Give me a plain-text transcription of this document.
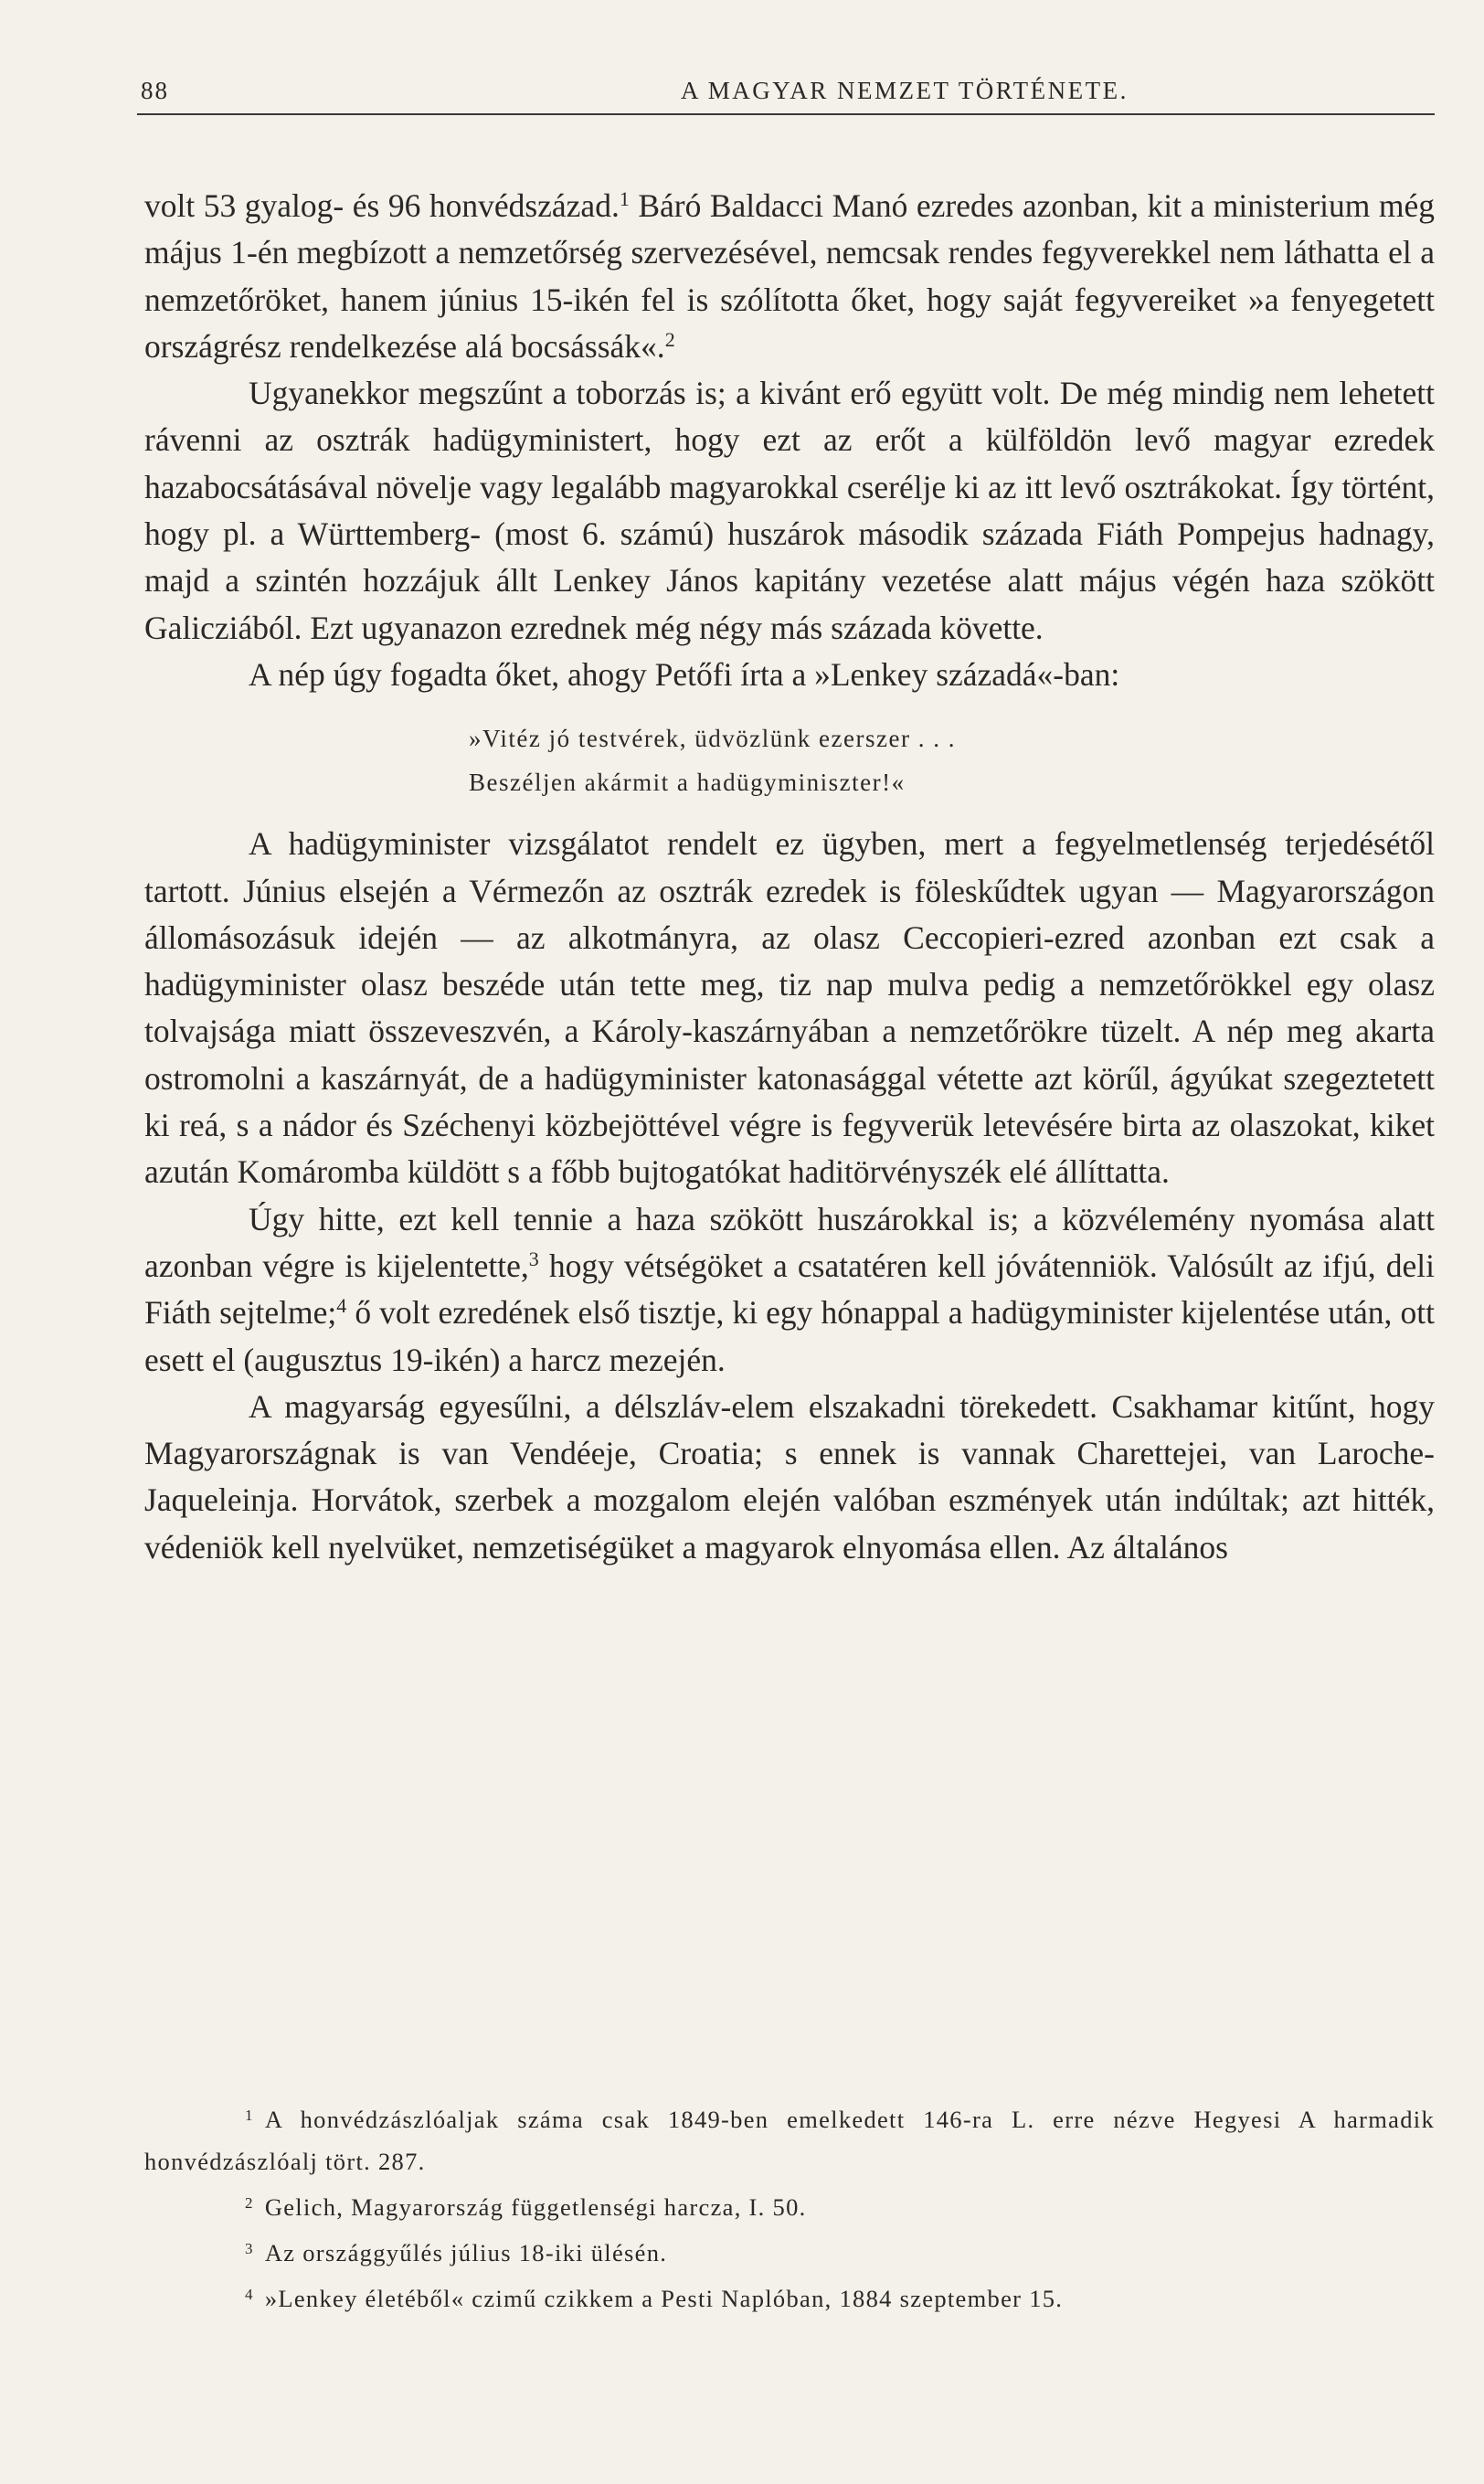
88	A MAGYAR NEMZET TÖRTÉNETE.

volt 53 gyalog- és 96 honvédszázad.$^1$ Báró Baldacci Manó ezredes azonban, kit a ministerium még május 1-én megbízott a nemzetőrség szervezésével, nemcsak rendes fegyverekkel nem láthatta el a nemzetőröket, hanem június 15-ikén fel is szólította őket, hogy saját fegyvereiket »a fenyegetett országrész rendelkezése alá bocsássák«.$^2$

Ugyanekkor megszűnt a toborzás is; a kivánt erő együtt volt. De még mindig nem lehetett rávenni az osztrák hadügyministert, hogy ezt az erőt a külföldön levő magyar ezredek hazabocsátásával növelje vagy legalább magyarokkal cserélje ki az itt levő osztrákokat. Így történt, hogy pl. a Württemberg- (most 6. számú) huszárok második százada Fiáth Pompejus hadnagy, majd a szintén hozzájuk állt Lenkey János kapitány vezetése alatt május végén haza szökött Galicziából. Ezt ugyanazon ezrednek még négy más százada követte.

A nép úgy fogadta őket, ahogy Petőfi írta a »Lenkey századá«-ban:

»Vitéz jó testvérek, üdvözlünk ezerszer . . .
Beszéljen akármit a hadügyminiszter!«

A hadügyminister vizsgálatot rendelt ez ügyben, mert a fegyelmetlenség terjedésétől tartott. Június elsején a Vérmezőn az osztrák ezredek is föleskűdtek ugyan — Magyarországon állomásozásuk idején — az alkotmányra, az olasz Ceccopieri-ezred azonban ezt csak a hadügyminister olasz beszéde után tette meg, tiz nap mulva pedig a nemzetőrökkel egy olasz tolvajsága miatt összeveszvén, a Károly-kaszárnyában a nemzetőrökre tüzelt. A nép meg akarta ostromolni a kaszárnyát, de a hadügyminister katonasággal vétette azt körűl, ágyúkat szegeztetett ki reá, s a nádor és Széchenyi közbejöttével végre is fegyverük letevésére birta az olaszokat, kiket azután Komáromba küldött s a főbb bujtogatókat haditörvényszék elé állíttatta.

Úgy hitte, ezt kell tennie a haza szökött huszárokkal is; a közvélemény nyomása alatt azonban végre is kijelentette,$^3$ hogy vétségöket a csatatéren kell jóvátenniök. Valósúlt az ifjú, deli Fiáth sejtelme;$^4$ ő volt ezredének első tisztje, ki egy hónappal a hadügyminister kijelentése után, ott esett el (augusztus 19-ikén) a harcz mezején.

A magyarság egyesűlni, a délszláv-elem elszakadni törekedett. Csakhamar kitűnt, hogy Magyarországnak is van Vendéeje, Croatia; s ennek is vannak Charettejei, van Laroche-Jaqueleinja. Horvátok, szerbek a mozgalom elején valóban eszmények után indúltak; azt hitték, védeniök kell nyelvüket, nemzetiségüket a magyarok elnyomása ellen. Az általános

$^1$ A honvédzászlóaljak száma csak 1849-ben emelkedett 146-ra L. erre nézve Hegyesi A harmadik honvédzászlóalj tört. 287.

$^2$ Gelich, Magyarország függetlenségi harcza, I. 50.

$^3$ Az országgyűlés július 18-iki ülésén.

$^4$ »Lenkey életéből« czimű czikkem a Pesti Naplóban, 1884 szeptember 15.
